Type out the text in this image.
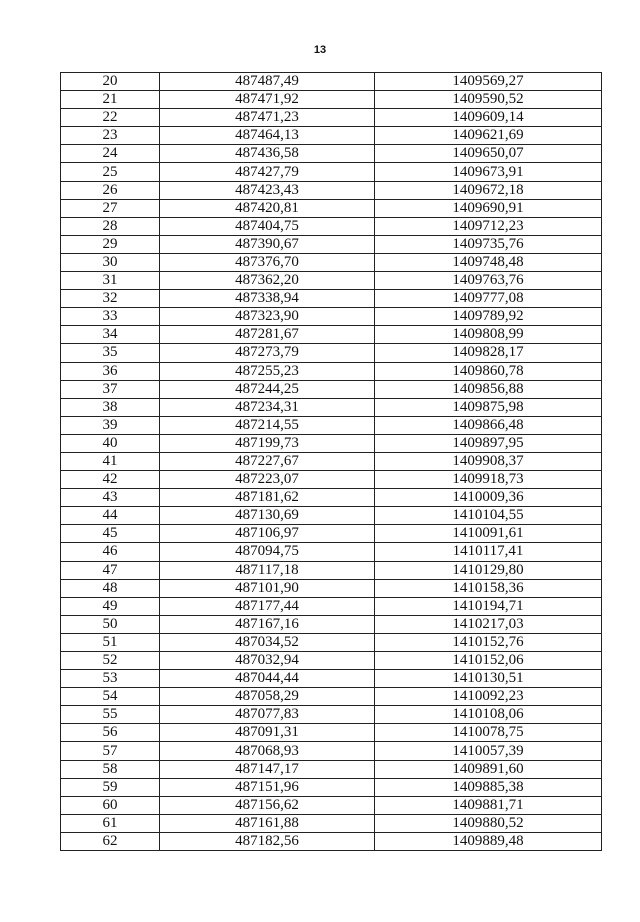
13
20	487487,49	1409569,27
21	487471,92	1409590,52
22	487471,23	1409609,14
23	487464,13	1409621,69
24	487436,58	1409650,07
25	487427,79	1409673,91
26	487423,43	1409672,18
27	487420,81	1409690,91
28	487404,75	1409712,23
29	487390,67	1409735,76
30	487376,70	1409748,48
31	487362,20	1409763,76
32	487338,94	1409777,08
33	487323,90	1409789,92
34	487281,67	1409808,99
35	487273,79	1409828,17
36	487255,23	1409860,78
37	487244,25	1409856,88
38	487234,31	1409875,98
39	487214,55	1409866,48
40	487199,73	1409897,95
41	487227,67	1409908,37
42	487223,07	1409918,73
43	487181,62	1410009,36
44	487130,69	1410104,55
45	487106,97	1410091,61
46	487094,75	1410117,41
47	487117,18	1410129,80
48	487101,90	1410158,36
49	487177,44	1410194,71
50	487167,16	1410217,03
51	487034,52	1410152,76
52	487032,94	1410152,06
53	487044,44	1410130,51
54	487058,29	1410092,23
55	487077,83	1410108,06
56	487091,31	1410078,75
57	487068,93	1410057,39
58	487147,17	1409891,60
59	487151,96	1409885,38
60	487156,62	1409881,71
61	487161,88	1409880,52
62	487182,56	1409889,48
